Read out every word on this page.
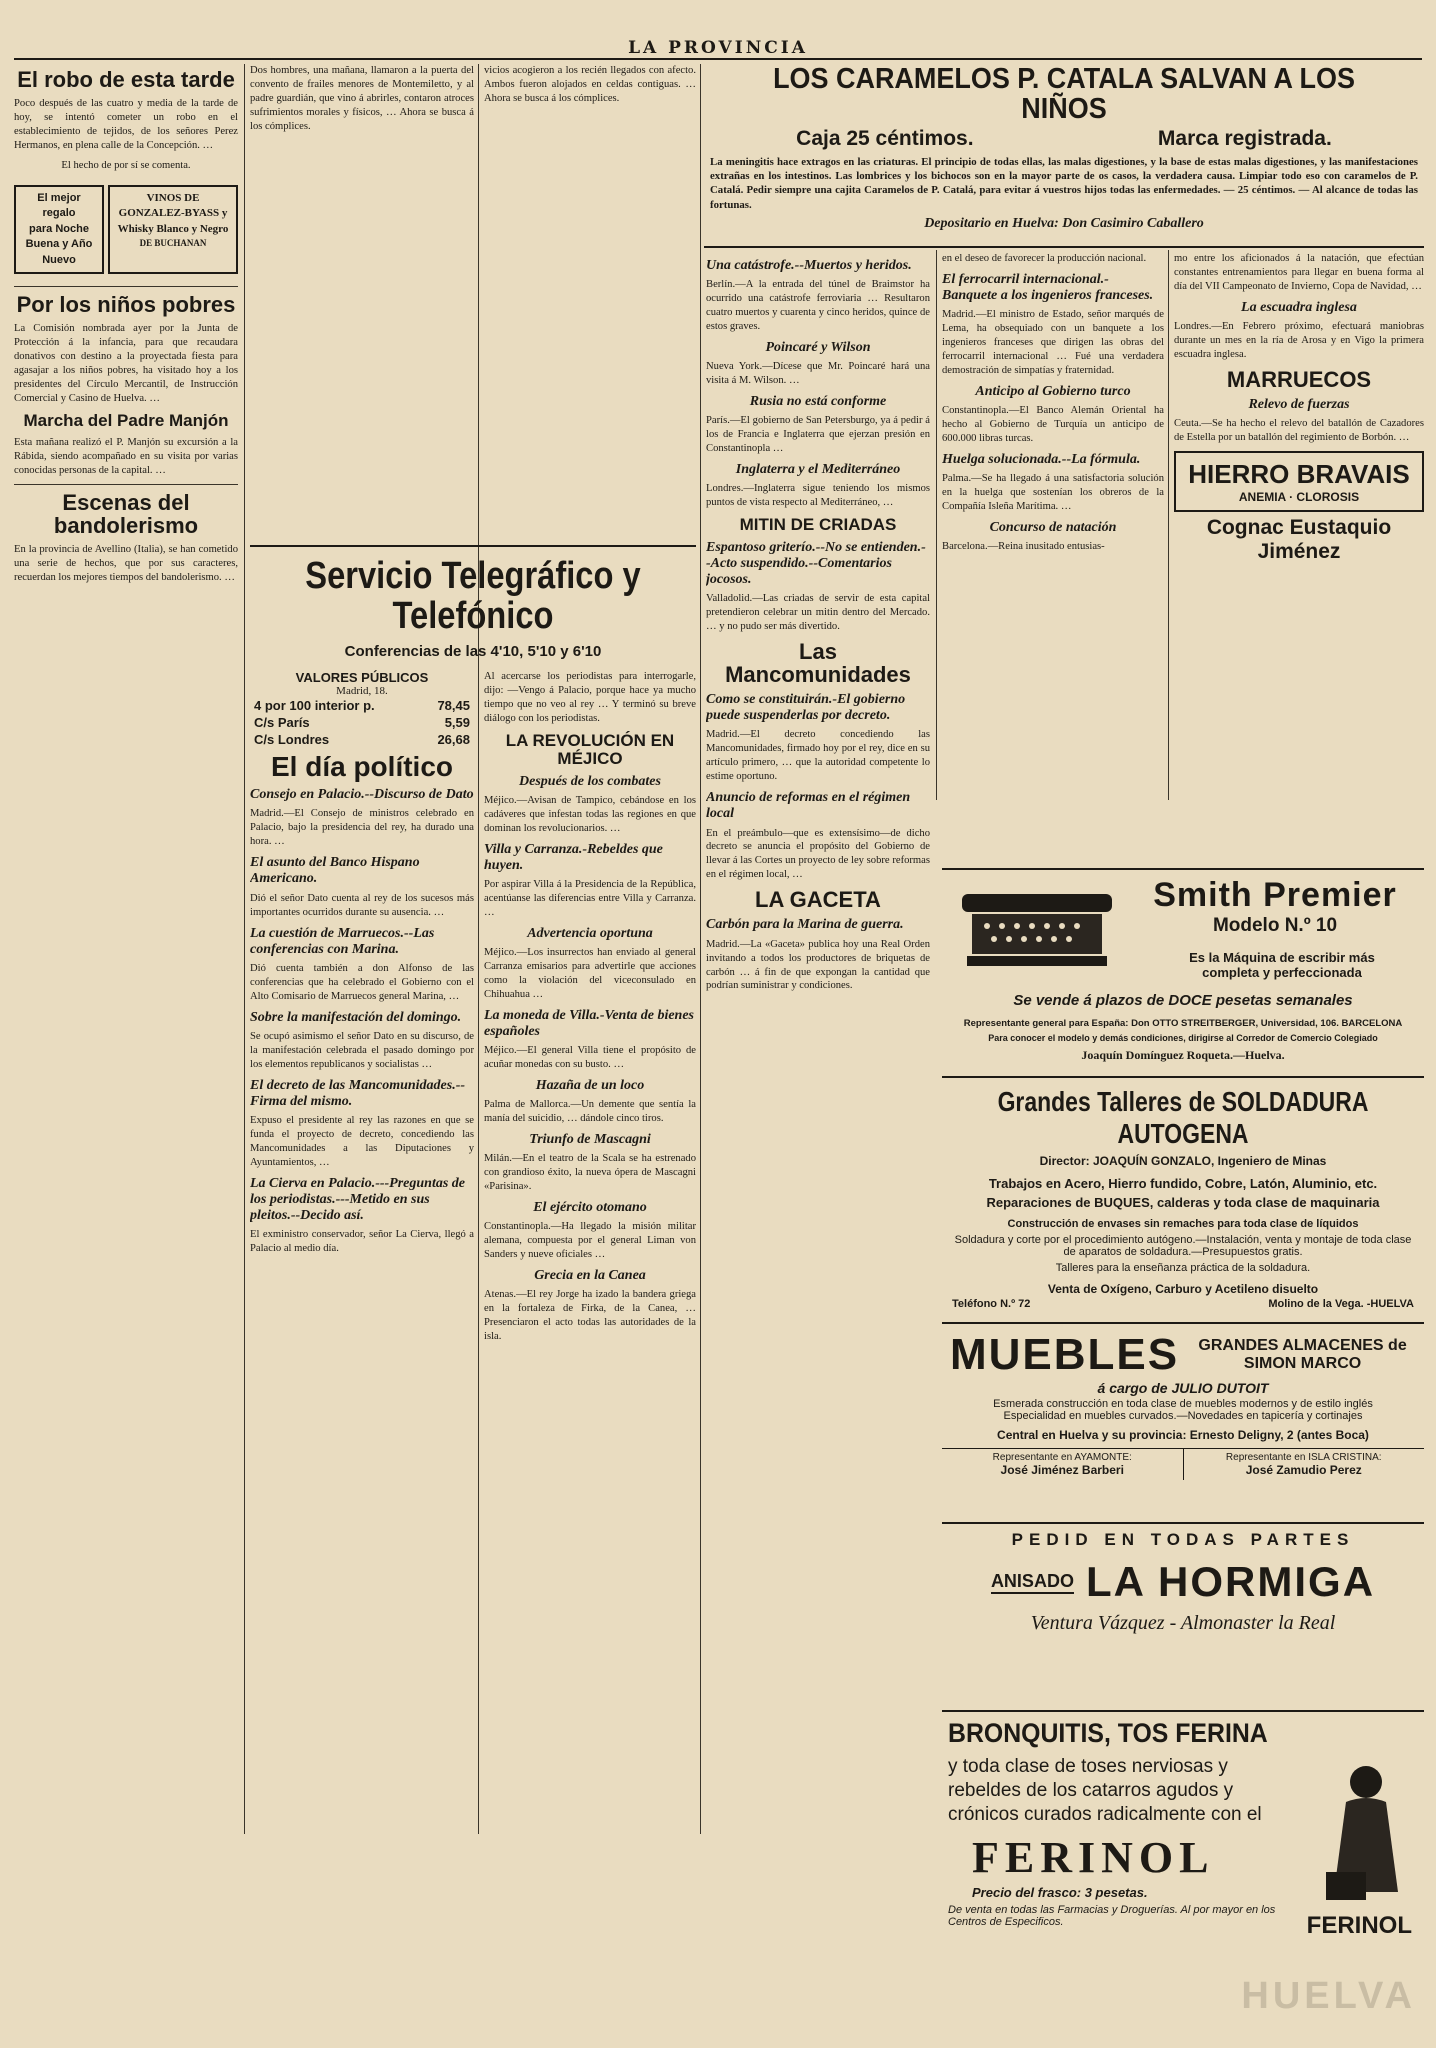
LA PROVINCIA
El robo de esta tarde

Poco después de las cuatro y media de la tarde de hoy, se intentó cometer un robo en el establecimiento de tejidos, de los señores Perez Hermanos, en plena calle de la Concepción. …

El hecho de por sí se comenta.

El mejor regalo
para Noche Buena y Año Nuevo
VINOS DE GONZALEZ-BYASS y Whisky Blanco y Negro
DE BUCHANAN
Por los niños pobres

La Comisión nombrada ayer por la Junta de Protección á la infancia, para que recaudara donativos con destino a la proyectada fiesta para agasajar a los niños pobres, ha visitado hoy a los presidentes del Círculo Mercantil, de Instrucción Comercial y Casino de Huelva. …

Marcha del Padre Manjón

Esta mañana realizó el P. Manjón su excursión a la Rábida, siendo acompañado en su visita por varias conocidas personas de la capital. …

Escenas del bandolerismo

En la provincia de Avellino (Italia), se han cometido una serie de hechos, que por sus caracteres, recuerdan los mejores tiempos del bandolerismo. …

Dos hombres, una mañana, llamaron a la puerta del convento de frailes menores de Montemiletto, y al padre guardián, que vino á abrirles, contaron atroces sufrimientos morales y físicos, … Ahora se busca á los cómplices.

vicios acogieron a los recién llegados con afecto. Ambos fueron alojados en celdas contiguas. … Ahora se busca á los cómplices.

Servicio Telegráfico y Telefónico
Conferencias de las 4'10, 5'10 y 6'10
VALORES PÚBLICOS
Madrid, 18.
4 por 100 interior p.	78,45
C/s París	5,59
C/s Londres	26,68
El día político
Consejo en Palacio.--Discurso de Dato

Madrid.—El Consejo de ministros celebrado en Palacio, bajo la presidencia del rey, ha durado una hora. …

El asunto del Banco Hispano Americano.

Dió el señor Dato cuenta al rey de los sucesos más importantes ocurridos durante su ausencia. …

La cuestión de Marruecos.--Las conferencias con Marina.

Dió cuenta también a don Alfonso de las conferencias que ha celebrado el Gobierno con el Alto Comisario de Marruecos general Marina, …

Sobre la manifestación del domingo.

Se ocupó asimismo el señor Dato en su discurso, de la manifestación celebrada el pasado domingo por los elementos republicanos y socialistas …

El decreto de las Mancomunidades.--Firma del mismo.

Expuso el presidente al rey las razones en que se funda el proyecto de decreto, concediendo las Mancomunidades a las Diputaciones y Ayuntamientos, …

La Cierva en Palacio.---Preguntas de los periodistas.---Metido en sus pleitos.--Decido así.

El exministro conservador, señor La Cierva, llegó a Palacio al medio día.

Al acercarse los periodistas para interrogarle, dijo: —Vengo á Palacio, porque hace ya mucho tiempo que no veo al rey … Y terminó su breve diálogo con los periodistas.

LA REVOLUCIÓN EN MÉJICO
Después de los combates

Méjico.—Avisan de Tampico, cebándose en los cadáveres que infestan todas las regiones en que dominan los revolucionarios. …

Villa y Carranza.-Rebeldes que huyen.

Por aspirar Villa á la Presidencia de la República, acentúanse las diferencias entre Villa y Carranza. …

Advertencia oportuna

Méjico.—Los insurrectos han enviado al general Carranza emisarios para advertirle que acciones como la violación del viceconsulado en Chihuahua …

La moneda de Villa.-Venta de bienes españoles

Méjico.—El general Villa tiene el propósito de acuñar monedas con su busto. …

Hazaña de un loco

Palma de Mallorca.—Un demente que sentía la manía del suicidio, … dándole cinco tiros.

Triunfo de Mascagni

Milán.—En el teatro de la Scala se ha estrenado con grandioso éxito, la nueva ópera de Mascagni «Parisina».

El ejército otomano

Constantinopla.—Ha llegado la misión militar alemana, compuesta por el general Liman von Sanders y nueve oficiales …

Grecia en la Canea

Atenas.—El rey Jorge ha izado la bandera griega en la fortaleza de Firka, de la Canea, … Presenciaron el acto todas las autoridades de la isla.

LOS CARAMELOS P. CATALA SALVAN A LOS NIÑOS
Caja 25 céntimos.	Marca registrada.

La meningitis hace extragos en las criaturas. El principio de todas ellas, las malas digestiones, y la base de estas malas digestiones, y las manifestaciones extrañas en los intestinos. Las lombrices y los bichocos son en la mayor parte de os casos, la verdadera causa. Limpiar todo eso con caramelos de P. Catalá. Pedir siempre una cajita Caramelos de P. Catalá, para evitar á vuestros hijos todas las enfermedades. — 25 céntimos. — Al alcance de todas las fortunas.

Depositario en Huelva: Don Casimiro Caballero
Una catástrofe.--Muertos y heridos.

Berlín.—A la entrada del túnel de Braimstor ha ocurrido una catástrofe ferroviaria … Resultaron cuatro muertos y cuarenta y cinco heridos, quince de estos graves.

Poincaré y Wilson

Nueva York.—Dícese que Mr. Poincaré hará una visita á M. Wilson. …

Rusia no está conforme

París.—El gobierno de San Petersburgo, ya á pedir á los de Francia e Inglaterra que ejerzan presión en Constantinopla …

Inglaterra y el Mediterráneo

Londres.—Inglaterra sigue teniendo los mismos puntos de vista respecto al Mediterráneo, …

MITIN DE CRIADAS
Espantoso griterío.--No se entienden.--Acto suspendido.--Comentarios jocosos.

Valladolid.—Las criadas de servir de esta capital pretendieron celebrar un mitin dentro del Mercado. … y no pudo ser más divertido.

Las Mancomunidades
Como se constituirán.-El gobierno puede suspenderlas por decreto.

Madrid.—El decreto concediendo las Mancomunidades, firmado hoy por el rey, dice en su artículo primero, … que la autoridad competente lo estime oportuno.

Anuncio de reformas en el régimen local

En el preámbulo—que es extensísimo—de dicho decreto se anuncia el propósito del Gobierno de llevar á las Cortes un proyecto de ley sobre reformas en el régimen local, …

LA GACETA
Carbón para la Marina de guerra.

Madrid.—La «Gaceta» publica hoy una Real Orden invitando a todos los productores de briquetas de carbón … á fin de que expongan la cantidad que podrían suministrar y condiciones.

en el deseo de favorecer la producción nacional.

El ferrocarril internacional.-Banquete a los ingenieros franceses.

Madrid.—El ministro de Estado, señor marqués de Lema, ha obsequiado con un banquete a los ingenieros franceses que dirigen las obras del ferrocarril internacional … Fué una verdadera demostración de simpatías y fraternidad.

Anticipo al Gobierno turco

Constantinopla.—El Banco Alemán Oriental ha hecho al Gobierno de Turquía un anticipo de 600.000 libras turcas.

Huelga solucionada.--La fórmula.

Palma.—Se ha llegado á una satisfactoria solución en la huelga que sostenían los obreros de la Compañía Isleña Marítima. …

Concurso de natación

Barcelona.—Reina inusitado entusias-

mo entre los aficionados á la natación, que efectúan constantes entrenamientos para llegar en buena forma al día del VII Campeonato de Invierno, Copa de Navidad, …

La escuadra inglesa

Londres.—En Febrero próximo, efectuará maniobras durante un mes en la ría de Arosa y en Vigo la primera escuadra inglesa.

MARRUECOS
Relevo de fuerzas

Ceuta.—Se ha hecho el relevo del batallón de Cazadores de Estella por un batallón del regimiento de Borbón. …

HIERRO BRAVAIS
ANEMIA · CLOROSIS
Cognac Eustaquio Jiménez
Smith Premier
Modelo N.º 10
Es la Máquina de escribir más completa y perfeccionada
Se vende á plazos de DOCE pesetas semanales
Representante general para España: Don OTTO STREITBERGER, Universidad, 106. BARCELONA
Para conocer el modelo y demás condiciones, dirigirse al Corredor de Comercio Colegiado
Joaquín Domínguez Roqueta.—Huelva.
Grandes Talleres de SOLDADURA AUTOGENA
Director: JOAQUÍN GONZALO, Ingeniero de Minas
Trabajos en Acero, Hierro fundido, Cobre, Latón, Aluminio, etc.
Reparaciones de BUQUES, calderas y toda clase de maquinaria
Construcción de envases sin remaches para toda clase de líquidos
Soldadura y corte por el procedimiento autógeno.—Instalación, venta y montaje de toda clase de aparatos de soldadura.—Presupuestos gratis.
Talleres para la enseñanza práctica de la soldadura.
Venta de Oxígeno, Carburo y Acetileno disuelto
Teléfono N.º 72	Molino de la Vega. -HUELVA
MUEBLES	GRANDES ALMACENES de SIMON MARCO
á cargo de JULIO DUTOIT
Esmerada construcción en toda clase de muebles modernos y de estilo inglés
Especialidad en muebles curvados.—Novedades en tapicería y cortinajes
Central en Huelva y su provincia: Ernesto Deligny, 2 (antes Boca)
Representante en AYAMONTE:
José Jiménez Barberi
Representante en ISLA CRISTINA:
José Zamudio Perez
PEDID EN TODAS PARTES
ANISADO LA HORMIGA
Ventura Vázquez - Almonaster la Real
BRONQUITIS, TOS FERINA
y toda clase de toses nerviosas y rebeldes de los catarros agudos y crónicos curados radicalmente con el
FERINOL
Precio del frasco: 3 pesetas.
De venta en todas las Farmacias y Droguerías. Al por mayor en los Centros de Especificos.	FERINOL
HUELVA
